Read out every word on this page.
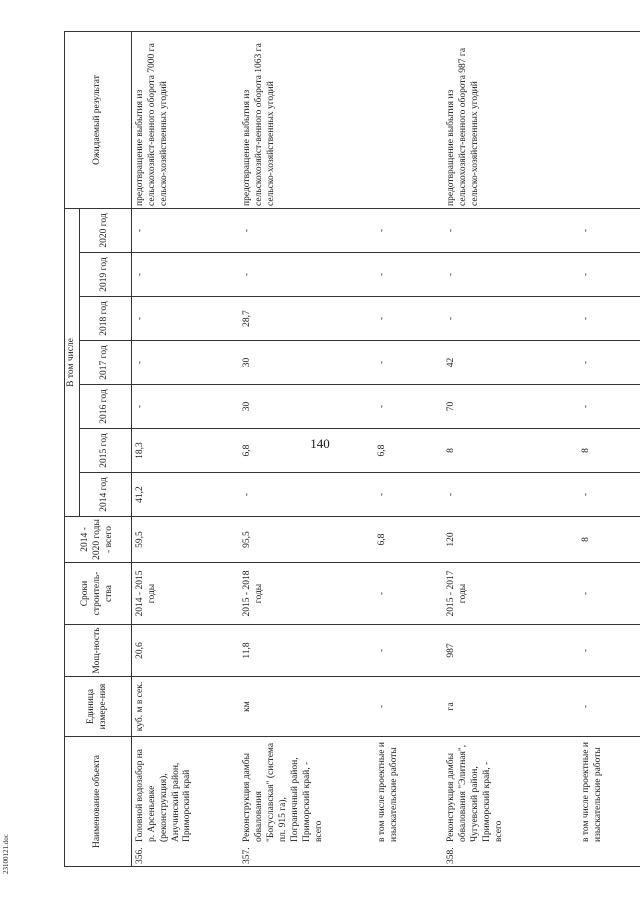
140
23100121.doc
Наименование объекта	Единица измере-ния	Мощ-ность	Сроки строитель-ства	2014 - 2020 годы - всего	В том числе							Ожидаемый результат
					2014 год	2015 год	2016 год	2017 год	2018 год	2019 год	2020 год	
356.Головной водозабор на р. Арсеньевке (реконструкция), Анучинский район, Приморский край	куб. м в сек.	20,6	2014 - 2015 годы	59,5	41,2	18,3	-	-	-	-	-	предотвращение выбытия из сельскохозяйст-венного оборота 7000 га сельско-хозяйственных угодий
357.Реконструкция дамбы обвалования "Богуславская" (система пл. 915 га), Пограничный район, Приморский край, - всего	км	11,8	2015 - 2018 годы	95,5	-	6,8	30	30	28,7	-	-	предотвращение выбытия из сельскохозяйст-венного оборота 1063 га сельско-хозяйственных угодий
в том числе проектные и изыскательские работы	-	-	-	6,8	-	6,8	-	-	-	-	-	
358.Реконструкция дамбы обвалования "Элитная", Чугуевский район, Приморский край, - всего	га	987	2015 - 2017 годы	120	-	8	70	42	-	-	-	предотвращение выбытия из сельскохозяйст-венного оборота 987 га сельско-хозяйственных угодий
в том числе проектные и изыскательские работы	-	-	-	8	-	8	-	-	-	-	-	
